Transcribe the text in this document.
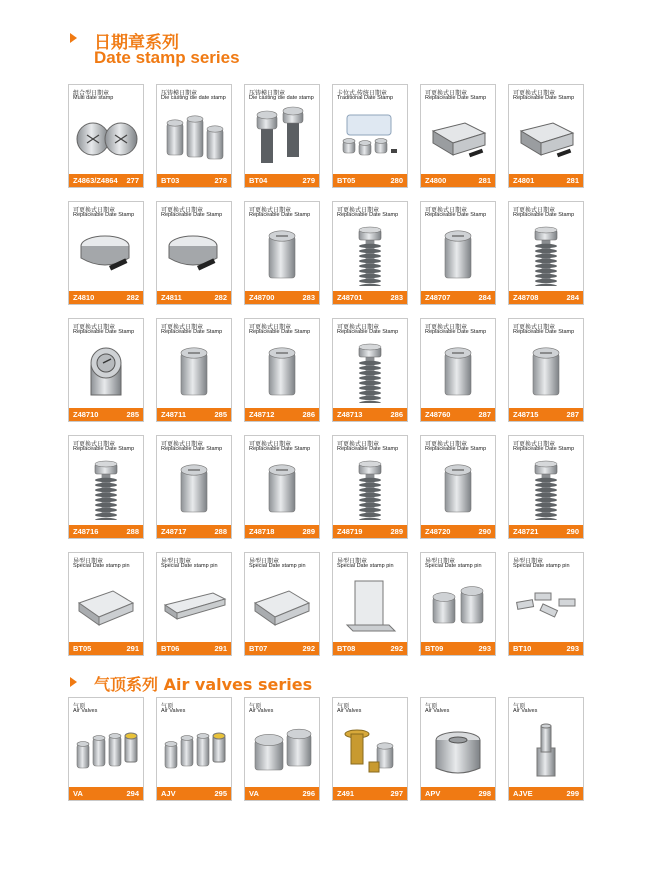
日期章系列
Date stamp series
组合型日期章
Multi date stamp
Z4863/Z4864 277
压铸模日期章
Die casting die date stamp
BT03	278
压铸模日期章
Die casting die date stamp
BT04	279
卡位式,传统日期章
Traditional Date Stamp
BT05	280
可更换式日期章
Replaceable Date Stamp
Z4800	281
可更换式日期章
Replaceable Date Stamp
Z4801	281
可更换式日期章
Replaceable Date Stamp
Z4810	282
可更换式日期章
Replaceable Date Stamp
Z4811	282
可更换式日期章
Replaceable Date Stamp
Z48700	283
可更换式日期章
Replaceable Date Stamp
Z48701	283
可更换式日期章
Replaceable Date Stamp
Z48707	284
可更换式日期章
Replaceable Date Stamp
Z48708	284
可更换式日期章
Replaceable Date Stamp
Z48710	285
可更换式日期章
Replaceable Date Stamp
Z48711	285
可更换式日期章
Replaceable Date Stamp
Z48712	286
可更换式日期章
Replaceable Date Stamp
Z48713	286
可更换式日期章
Replaceable Date Stamp
Z48760	287
可更换式日期章
Replaceable Date Stamp
Z48715	287
可更换式日期章
Replaceable Date Stamp
Z48716	288
可更换式日期章
Replaceable Date Stamp
Z48717	288
可更换式日期章
Replaceable Date Stamp
Z48718	289
可更换式日期章
Replaceable Date Stamp
Z48719	289
可更换式日期章
Replaceable Date Stamp
Z48720	290
可更换式日期章
Replaceable Date Stamp
Z48721	290
异型日期章
Special Date stamp pin
BT05	291
异型日期章
Special Date stamp pin
BT06	291
异型日期章
Special Date stamp pin
BT07	292
异型日期章
Special Date stamp pin
BT08	292
异型日期章
Special Date stamp pin
BT09	293
异型日期章
Special Date stamp pin
BT10	293
气顶系列 Air valves series
气顶
Air Valves
VA	294
气顶
Air Valves
AJV	295
气顶
Air Valves
VA	296
气顶
Air Valves
Z491	297
气顶
Air Valves
APV	298
气顶
Air Valves
AJVE	299
